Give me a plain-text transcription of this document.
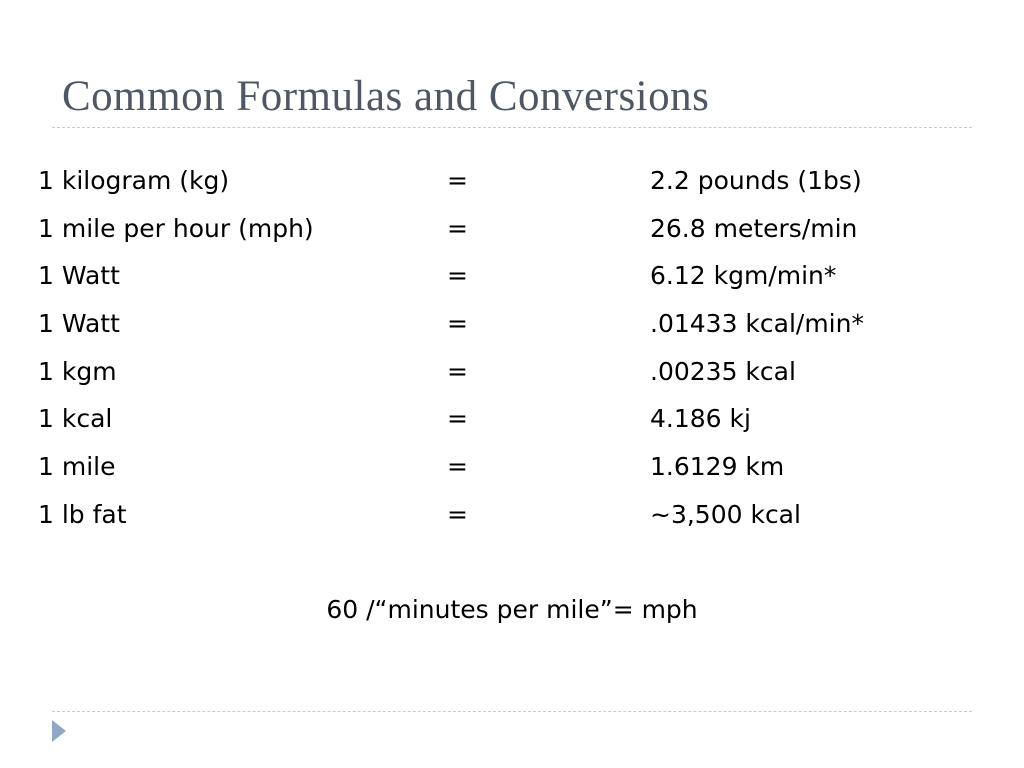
Common Formulas and Conversions
1 kilogram (kg)	=	2.2 pounds (1bs)
1 mile per hour (mph)	=	26.8 meters/min
1 Watt	=	6.12 kgm/min*
1 Watt	=	.01433 kcal/min*
1 kgm	=	.00235 kcal
1 kcal	=	4.186 kj
1 mile	=	1.6129 km
1 lb fat	=	~3,500 kcal
60 /“minutes per mile”= mph
